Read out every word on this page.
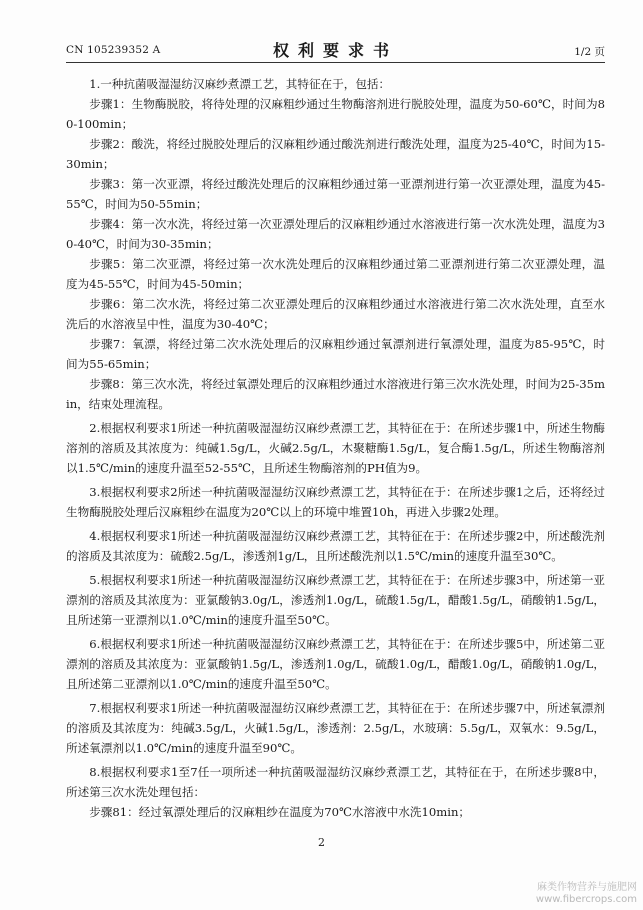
CN 105239352 A	权利要求书	1/2 页

1.一种抗菌吸湿湿纺汉麻纱煮漂工艺，其特征在于，包括：

步骤1：生物酶脱胶，将待处理的汉麻粗纱通过生物酶溶剂进行脱胶处理，温度为50-60℃，时间为80-100min；

步骤2：酸洗，将经过脱胶处理后的汉麻粗纱通过酸洗剂进行酸洗处理，温度为25-40℃，时间为15-30min；

步骤3：第一次亚漂，将经过酸洗处理后的汉麻粗纱通过第一亚漂剂进行第一次亚漂处理，温度为45-55℃，时间为50-55min；

步骤4：第一次水洗，将经过第一次亚漂处理后的汉麻粗纱通过水溶液进行第一次水洗处理，温度为30-40℃，时间为30-35min；

步骤5：第二次亚漂，将经过第一次水洗处理后的汉麻粗纱通过第二亚漂剂进行第二次亚漂处理，温度为45-55℃，时间为45-50min；

步骤6：第二次水洗，将经过第二次亚漂处理后的汉麻粗纱通过水溶液进行第二次水洗处理，直至水洗后的水溶液呈中性，温度为30-40℃；

步骤7：氧漂，将经过第二次水洗处理后的汉麻粗纱通过氧漂剂进行氧漂处理，温度为85-95℃，时间为55-65min；

步骤8：第三次水洗，将经过氧漂处理后的汉麻粗纱通过水溶液进行第三次水洗处理，时间为25-35min，结束处理流程。

2.根据权利要求1所述一种抗菌吸湿湿纺汉麻纱煮漂工艺，其特征在于：在所述步骤1中，所述生物酶溶剂的溶质及其浓度为：纯碱1.5g/L，火碱2.5g/L，木聚糖酶1.5g/L，复合酶1.5g/L，所述生物酶溶剂以1.5℃/min的速度升温至52-55℃，且所述生物酶溶剂的PH值为9。

3.根据权利要求2所述一种抗菌吸湿湿纺汉麻纱煮漂工艺，其特征在于：在所述步骤1之后，还将经过生物酶脱胶处理后汉麻粗纱在温度为20℃以上的环境中堆置10h，再进入步骤2处理。

4.根据权利要求1所述一种抗菌吸湿湿纺汉麻纱煮漂工艺，其特征在于：在所述步骤2中，所述酸洗剂的溶质及其浓度为：硫酸2.5g/L，渗透剂1g/L，且所述酸洗剂以1.5℃/min的速度升温至30℃。

5.根据权利要求1所述一种抗菌吸湿湿纺汉麻纱煮漂工艺，其特征在于：在所述步骤3中，所述第一亚漂剂的溶质及其浓度为：亚氯酸钠3.0g/L，渗透剂1.0g/L，硫酸1.5g/L，醋酸1.5g/L，硝酸钠1.5g/L，且所述第一亚漂剂以1.0℃/min的速度升温至50℃。

6.根据权利要求1所述一种抗菌吸湿湿纺汉麻纱煮漂工艺，其特征在于：在所述步骤5中，所述第二亚漂剂的溶质及其浓度为：亚氯酸钠1.5g/L，渗透剂1.0g/L，硫酸1.0g/L，醋酸1.0g/L，硝酸钠1.0g/L，且所述第二亚漂剂以1.0℃/min的速度升温至50℃。

7.根据权利要求1所述一种抗菌吸湿湿纺汉麻纱煮漂工艺，其特征在于：在所述步骤7中，所述氧漂剂的溶质及其浓度为：纯碱3.5g/L，火碱1.5g/L，渗透剂：2.5g/L，水玻璃：5.5g/L，双氧水：9.5g/L，所述氧漂剂以1.0℃/min的速度升温至90℃。

8.根据权利要求1至7任一项所述一种抗菌吸湿湿纺汉麻纱煮漂工艺，其特征在于，在所述步骤8中，所述第三次水洗处理包括：

步骤81：经过氧漂处理后的汉麻粗纱在温度为70℃水溶液中水洗10min；

2
麻类作物营养与施肥网
www.fibercrops.com
